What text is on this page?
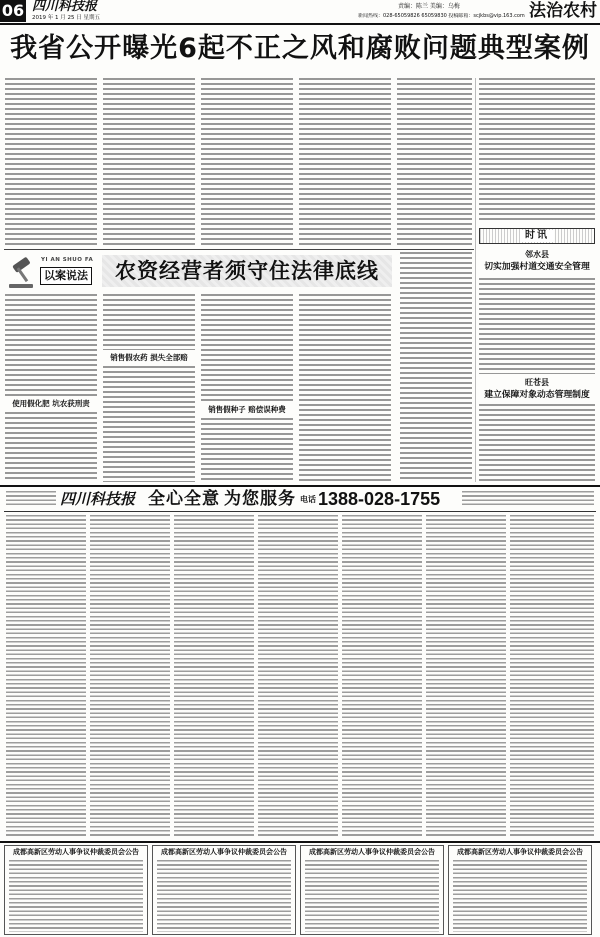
06 四川科技报
2019 年 1 月 25 日 星期五
责编：陈兰 美编：乌梅
新闻热线：028-65059826 65059830 投稿邮箱：scjkbs@vip.163.com 法治农村
我省公开曝光6起不正之风和腐败问题典型案例
YI AN SHUO FA
以案说法	农资经营者须守住法律底线
使用假化肥 坑农获刑责
销售假农药 损失全部赔
销售假种子 赔偿误种费
时讯
邻水县
切实加强村道交通安全管理
旺苍县
建立保障对象动态管理制度
四川科技报 全心全意 为您服务 电话 1388-028-1755
成都高新区劳动人事争议仲裁委员会公告	成都高新区劳动人事争议仲裁委员会公告	成都高新区劳动人事争议仲裁委员会公告	成都高新区劳动人事争议仲裁委员会公告
